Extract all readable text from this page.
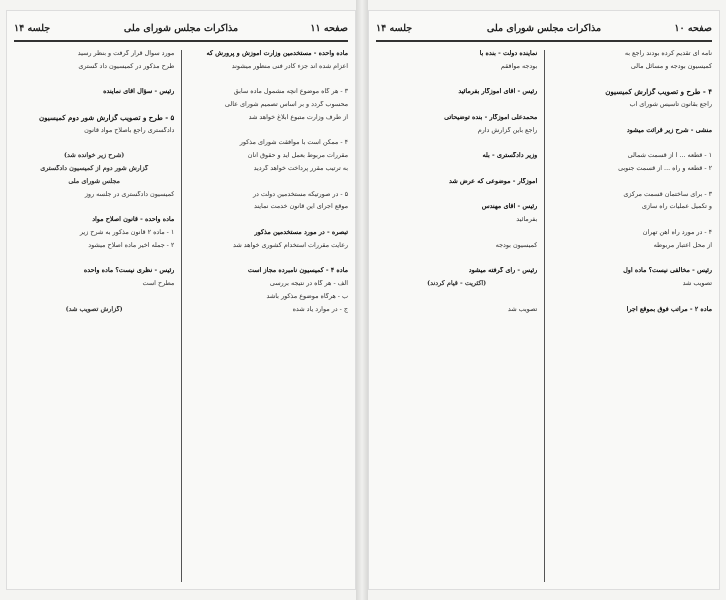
صفحه ۱۱
مذاکرات مجلس شورای ملی
جلسه ۱۴
ماده واحده - مستخدمین وزارت آموزش و پرورش که
اعزام شده اند جزء کادر فنی منظور میشوند
۳ - هر گاه موضوع آنچه مشمول ماده سابق
محسوب گردد و بر اساس تصمیم شورای عالی
از طرف وزارت متبوع ابلاغ خواهد شد
۴ - ممکن است با موافقت شورای مذکور
مقررات مربوط بعمل آید و حقوق آنان
به ترتیب مقرر پرداخت خواهد گردید
۵ - در صورتیکه مستخدمین دولت در
موقع اجرای این قانون خدمت نمایند
تبصره - در مورد مستخدمین مذکور
رعایت مقررات استخدام کشوری خواهد شد
ماده ۴ - کمیسیون نامبرده مجاز است
الف - هر گاه در نتیجه بررسی
ب - هرگاه موضوع مذکور باشد
ج - در موارد یاد شده
مورد سوال قرار گرفت و بنظر رسید
طرح مذکور در کمیسیون داد گستری
رئیس - سؤال آقای نماینده
۵ - طرح و تصویب گزارش شور دوم کمیسیون
دادگستری راجع باصلاح مواد قانون
(شرح زیر خوانده شد)
گزارش شور دوم از کمیسیون دادگستری
مجلس شورای ملی
کمیسیون دادگستری در جلسه روز
ماده واحده - قانون اصلاح مواد
۱ - ماده ۲ قانون مذکور به شرح زیر
۲ - جمله اخیر ماده اصلاح میشود
رئیس - نظری نیست؟ ماده واحده
مطرح است
(گزارش تصویب شد)
صفحه ۱۰
مذاکرات مجلس شورای ملی
جلسه ۱۴
نامه ای تقدیم کرده بودند راجع به
کمیسیون بودجه و مسائل مالی
۴ - طرح و تصویب گزارش کمیسیون
راجع بقانون تاسیس شورای آب
منشی - شرح زیر قرائت میشود
۱ - قطعه ... ا از قسمت شمالی
۲ - قطعه و راه ... از قسمت جنوبی
۳ - برای ساختمان قسمت مرکزی
و تکمیل عملیات راه سازی
۴ - در مورد راه آهن تهران
از محل اعتبار مربوطه
رئیس - مخالفی نیست؟ ماده اول
تصویب شد
ماده ۲ - مراتب فوق بموقع اجرا
نماینده دولت - بنده با
بودجه موافقم
رئیس - آقای آموزگار بفرمائید
محمدعلی آموزگار - بنده توضیحاتی
راجع باین گزارش دارم
وزیر دادگستری - بله
آموزگار - موضوعی که عرض شد
رئیس - آقای مهندس
بفرمائید
کمیسیون بودجه
رئیس - رای گرفته میشود
(اکثریت - قیام کردند)
تصویب شد
